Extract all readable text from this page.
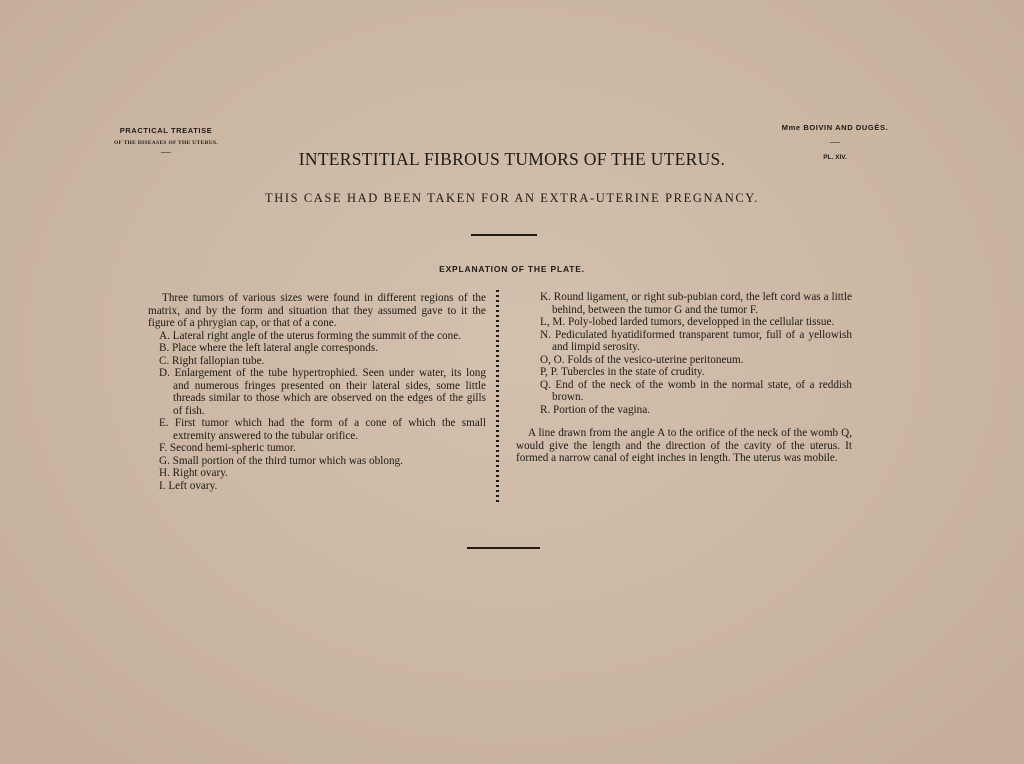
PRACTICAL TREATISE
OF THE DISEASES OF THE UTERUS.
—
Mme BOIVIN AND DUGÈS.
—
PL. XIV.
INTERSTITIAL FIBROUS TUMORS OF THE UTERUS.
THIS CASE HAD BEEN TAKEN FOR AN EXTRA-UTERINE PREGNANCY.
EXPLANATION OF THE PLATE.
Three tumors of various sizes were found in different regions of the matrix, and by the form and situation that they assumed gave to it the figure of a phrygian cap, or that of a cone.
A. Lateral right angle of the uterus forming the summit of the cone.
B. Place where the left lateral angle corresponds.
C. Right fallopian tube.
D. Enlargement of the tube hypertrophied. Seen under water, its long and numerous fringes presented on their lateral sides, some little threads similar to those which are observed on the edges of the gills of fish.
E. First tumor which had the form of a cone of which the small extremity answered to the tubular orifice.
F. Second hemi-spheric tumor.
G. Small portion of the third tumor which was oblong.
H. Right ovary.
I. Left ovary.
K. Round ligament, or right sub-pubian cord, the left cord was a little behind, between the tumor G and the tumor F.
L, M. Poly-lobed larded tumors, developped in the cellular tissue.
N. Pediculated hyatidiformed transparent tumor, full of a yellowish and limpid serosity.
O, O. Folds of the vesico-uterine peritoneum.
P, P. Tubercles in the state of crudity.
Q. End of the neck of the womb in the normal state, of a reddish brown.
R. Portion of the vagina.
A line drawn from the angle A to the orifice of the neck of the womb Q, would give the length and the direction of the cavity of the uterus. It formed a narrow canal of eight inches in length. The uterus was mobile.
